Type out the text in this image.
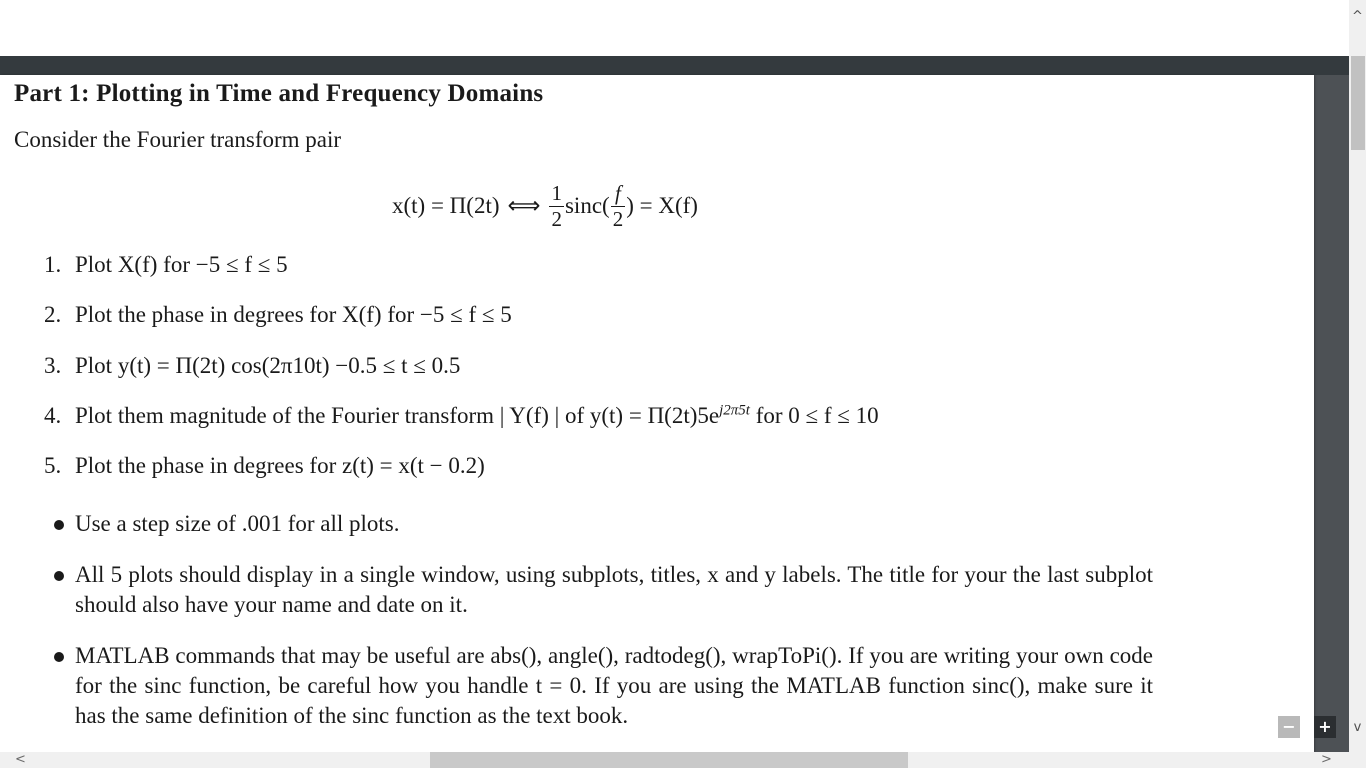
Part 1: Plotting in Time and Frequency Domains

Consider the Fourier transform pair

x(t) = Π(2t) ⟺ $\frac{1}{2} \sin c( \frac{f}{2}$ ) = X(f)
1. Plot X(f) for −5 ≤ f ≤ 5
2. Plot the phase in degrees for X(f) for −5 ≤ f ≤ 5
3. Plot y(t) = Π(2t) cos(2π10t) −0.5 ≤ t ≤ 0.5
4. Plot them magnitude of the Fourier transform | Y(f) | of $y(t) = \Pi(2t)5e^{j2\pi 5t}$ for 0 ≤ f ≤ 10
5. Plot the phase in degrees for z(t) = x(t − 0.2)
Use a step size of .001 for all plots.
All 5 plots should display in a single window, using subplots, titles, x and y labels. The title for your the last subplot should also have your name and date on it.
MATLAB commands that may be useful are abs(), angle(), radtodeg(), wrapToPi(). If you are writing your own code for the sinc function, be careful how you handle t = 0. If you are using the MATLAB function sinc(), make sure it has the same definition of the sinc function as the text book.	− +
^
v
<	>
